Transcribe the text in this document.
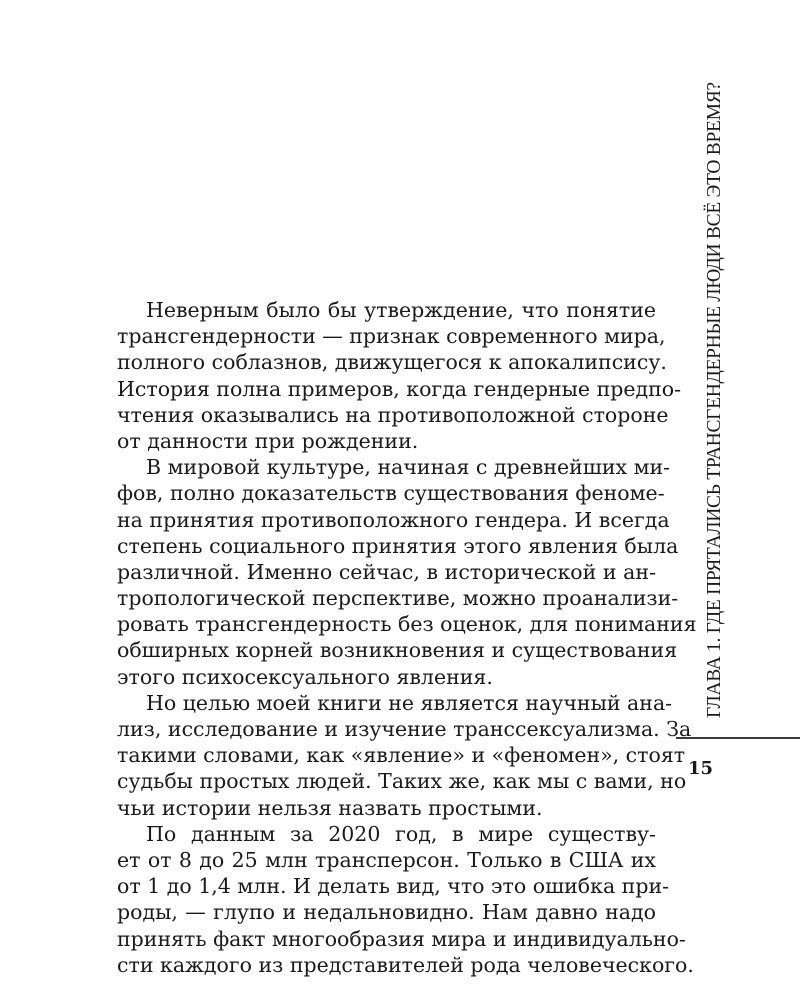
Неверным было бы утверждение, что понятие
трансгендерности — признак современного мира,
полного соблазнов, движущегося к апокалипсису.
История полна примеров, когда гендерные предпо-
чтения оказывались на противоположной стороне
от данности при рождении.
В мировой культуре, начиная с древнейших ми-
фов, полно доказательств существования феноме-
на принятия противоположного гендера. И всегда
степень социального принятия этого явления была
различной. Именно сейчас, в исторической и ан-
тропологической перспективе, можно проанализи-
ровать трансгендерность без оценок, для понимания
обширных корней возникновения и существования
этого психосексуального явления.
Но целью моей книги не является научный ана-
лиз, исследование и изучение транссексуализма. За
такими словами, как «явление» и «феномен», стоят
судьбы простых людей. Таких же, как мы с вами, но
чьи истории нельзя назвать простыми.
По данным за 2020 год, в мире существу-
ет от 8 до 25 млн трансперсон. Только в США их
от 1 до 1,4 млн. И делать вид, что это ошибка при-
роды, — глупо и недальновидно. Нам давно надо
принять факт многообразия мира и индивидуально-
сти каждого из представителей рода человеческого.
ГЛАВА 1. ГДЕ ПРЯТАЛИСЬ ТРАНСГЕНДЕРНЫЕ ЛЮДИ ВСЁ ЭТО ВРЕМЯ?
15
